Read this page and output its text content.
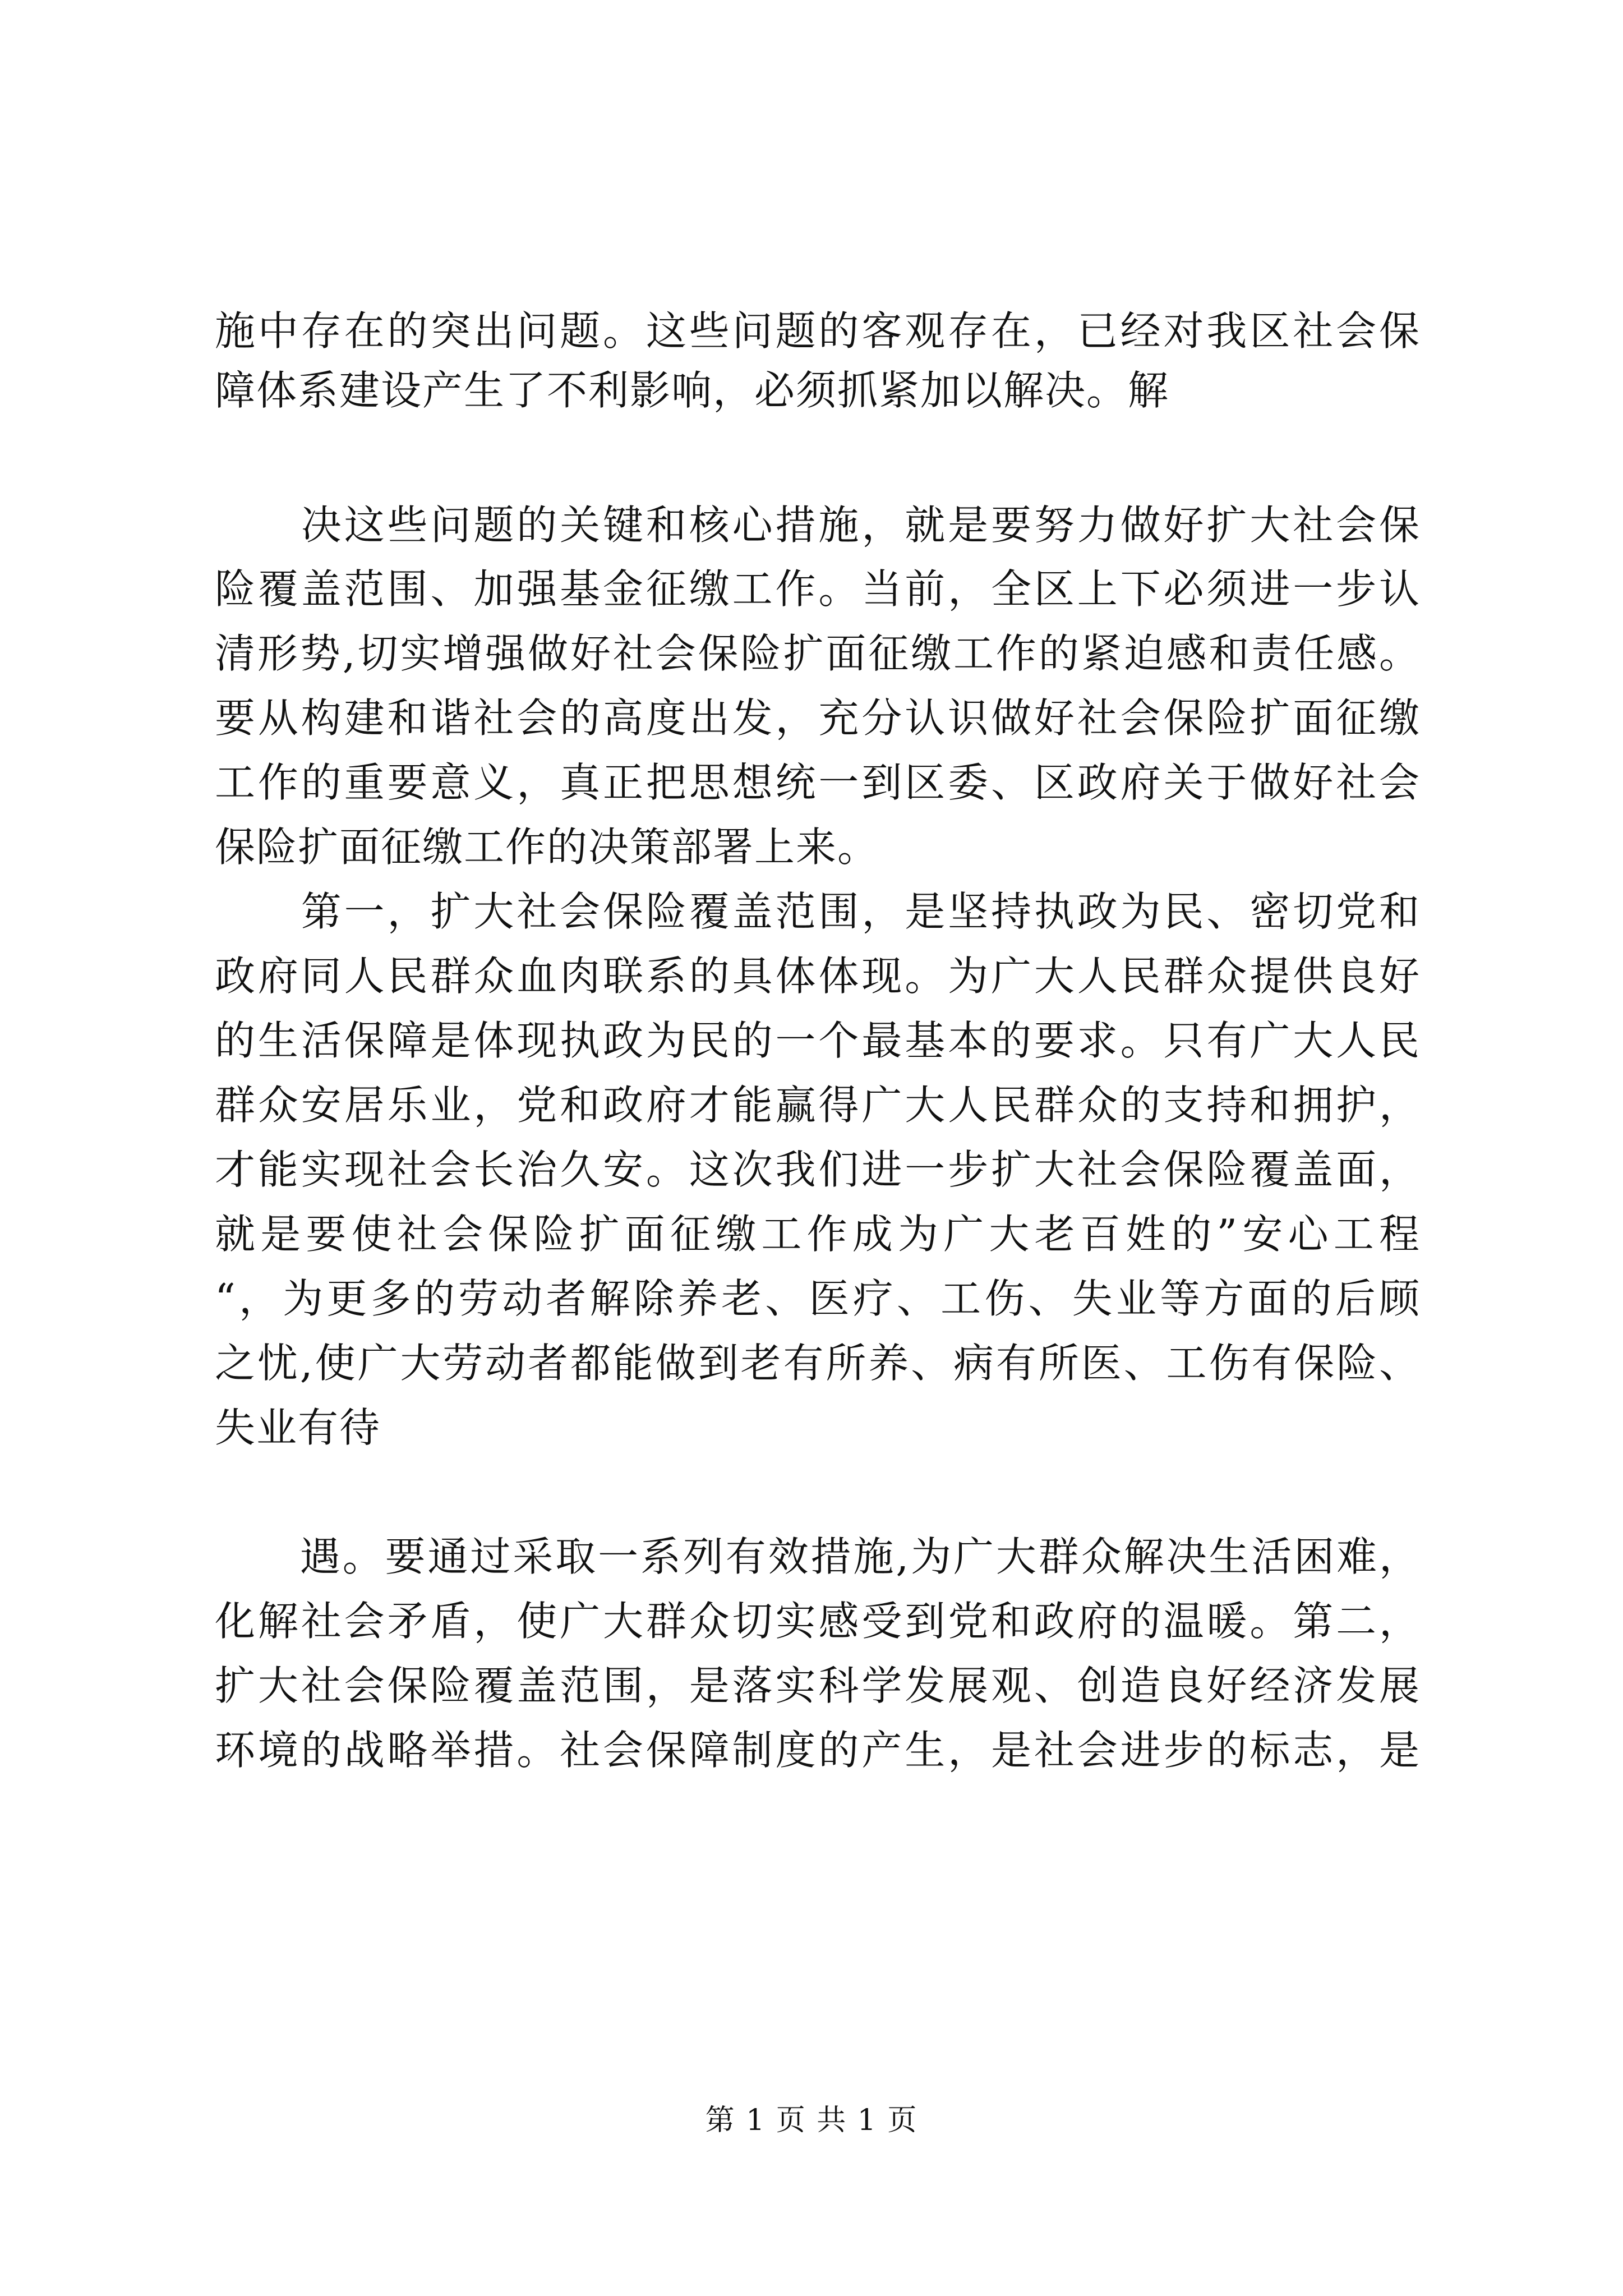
施中存在的突出问题。这些问题的客观存在，已经对我区社会保
障体系建设产生了不利影响，必须抓紧加以解决。解
　　决这些问题的关键和核心措施，就是要努力做好扩大社会保
险覆盖范围、加强基金征缴工作。当前，全区上下必须进一步认
清形势,切实增强做好社会保险扩面征缴工作的紧迫感和责任感。
要从构建和谐社会的高度出发，充分认识做好社会保险扩面征缴
工作的重要意义，真正把思想统一到区委、区政府关于做好社会
保险扩面征缴工作的决策部署上来。
　　第一，扩大社会保险覆盖范围，是坚持执政为民、密切党和
政府同人民群众血肉联系的具体体现。为广大人民群众提供良好
的生活保障是体现执政为民的一个最基本的要求。只有广大人民
群众安居乐业，党和政府才能赢得广大人民群众的支持和拥护，
才能实现社会长治久安。这次我们进一步扩大社会保险覆盖面，
就是要使社会保险扩面征缴工作成为广大老百姓的”安心工程
“，为更多的劳动者解除养老、医疗、工伤、失业等方面的后顾
之忧,使广大劳动者都能做到老有所养、病有所医、工伤有保险、
失业有待
　　遇。要通过采取一系列有效措施,为广大群众解决生活困难，
化解社会矛盾，使广大群众切实感受到党和政府的温暖。第二，
扩大社会保险覆盖范围，是落实科学发展观、创造良好经济发展
环境的战略举措。社会保障制度的产生，是社会进步的标志，是
第 1 页 共 1 页
